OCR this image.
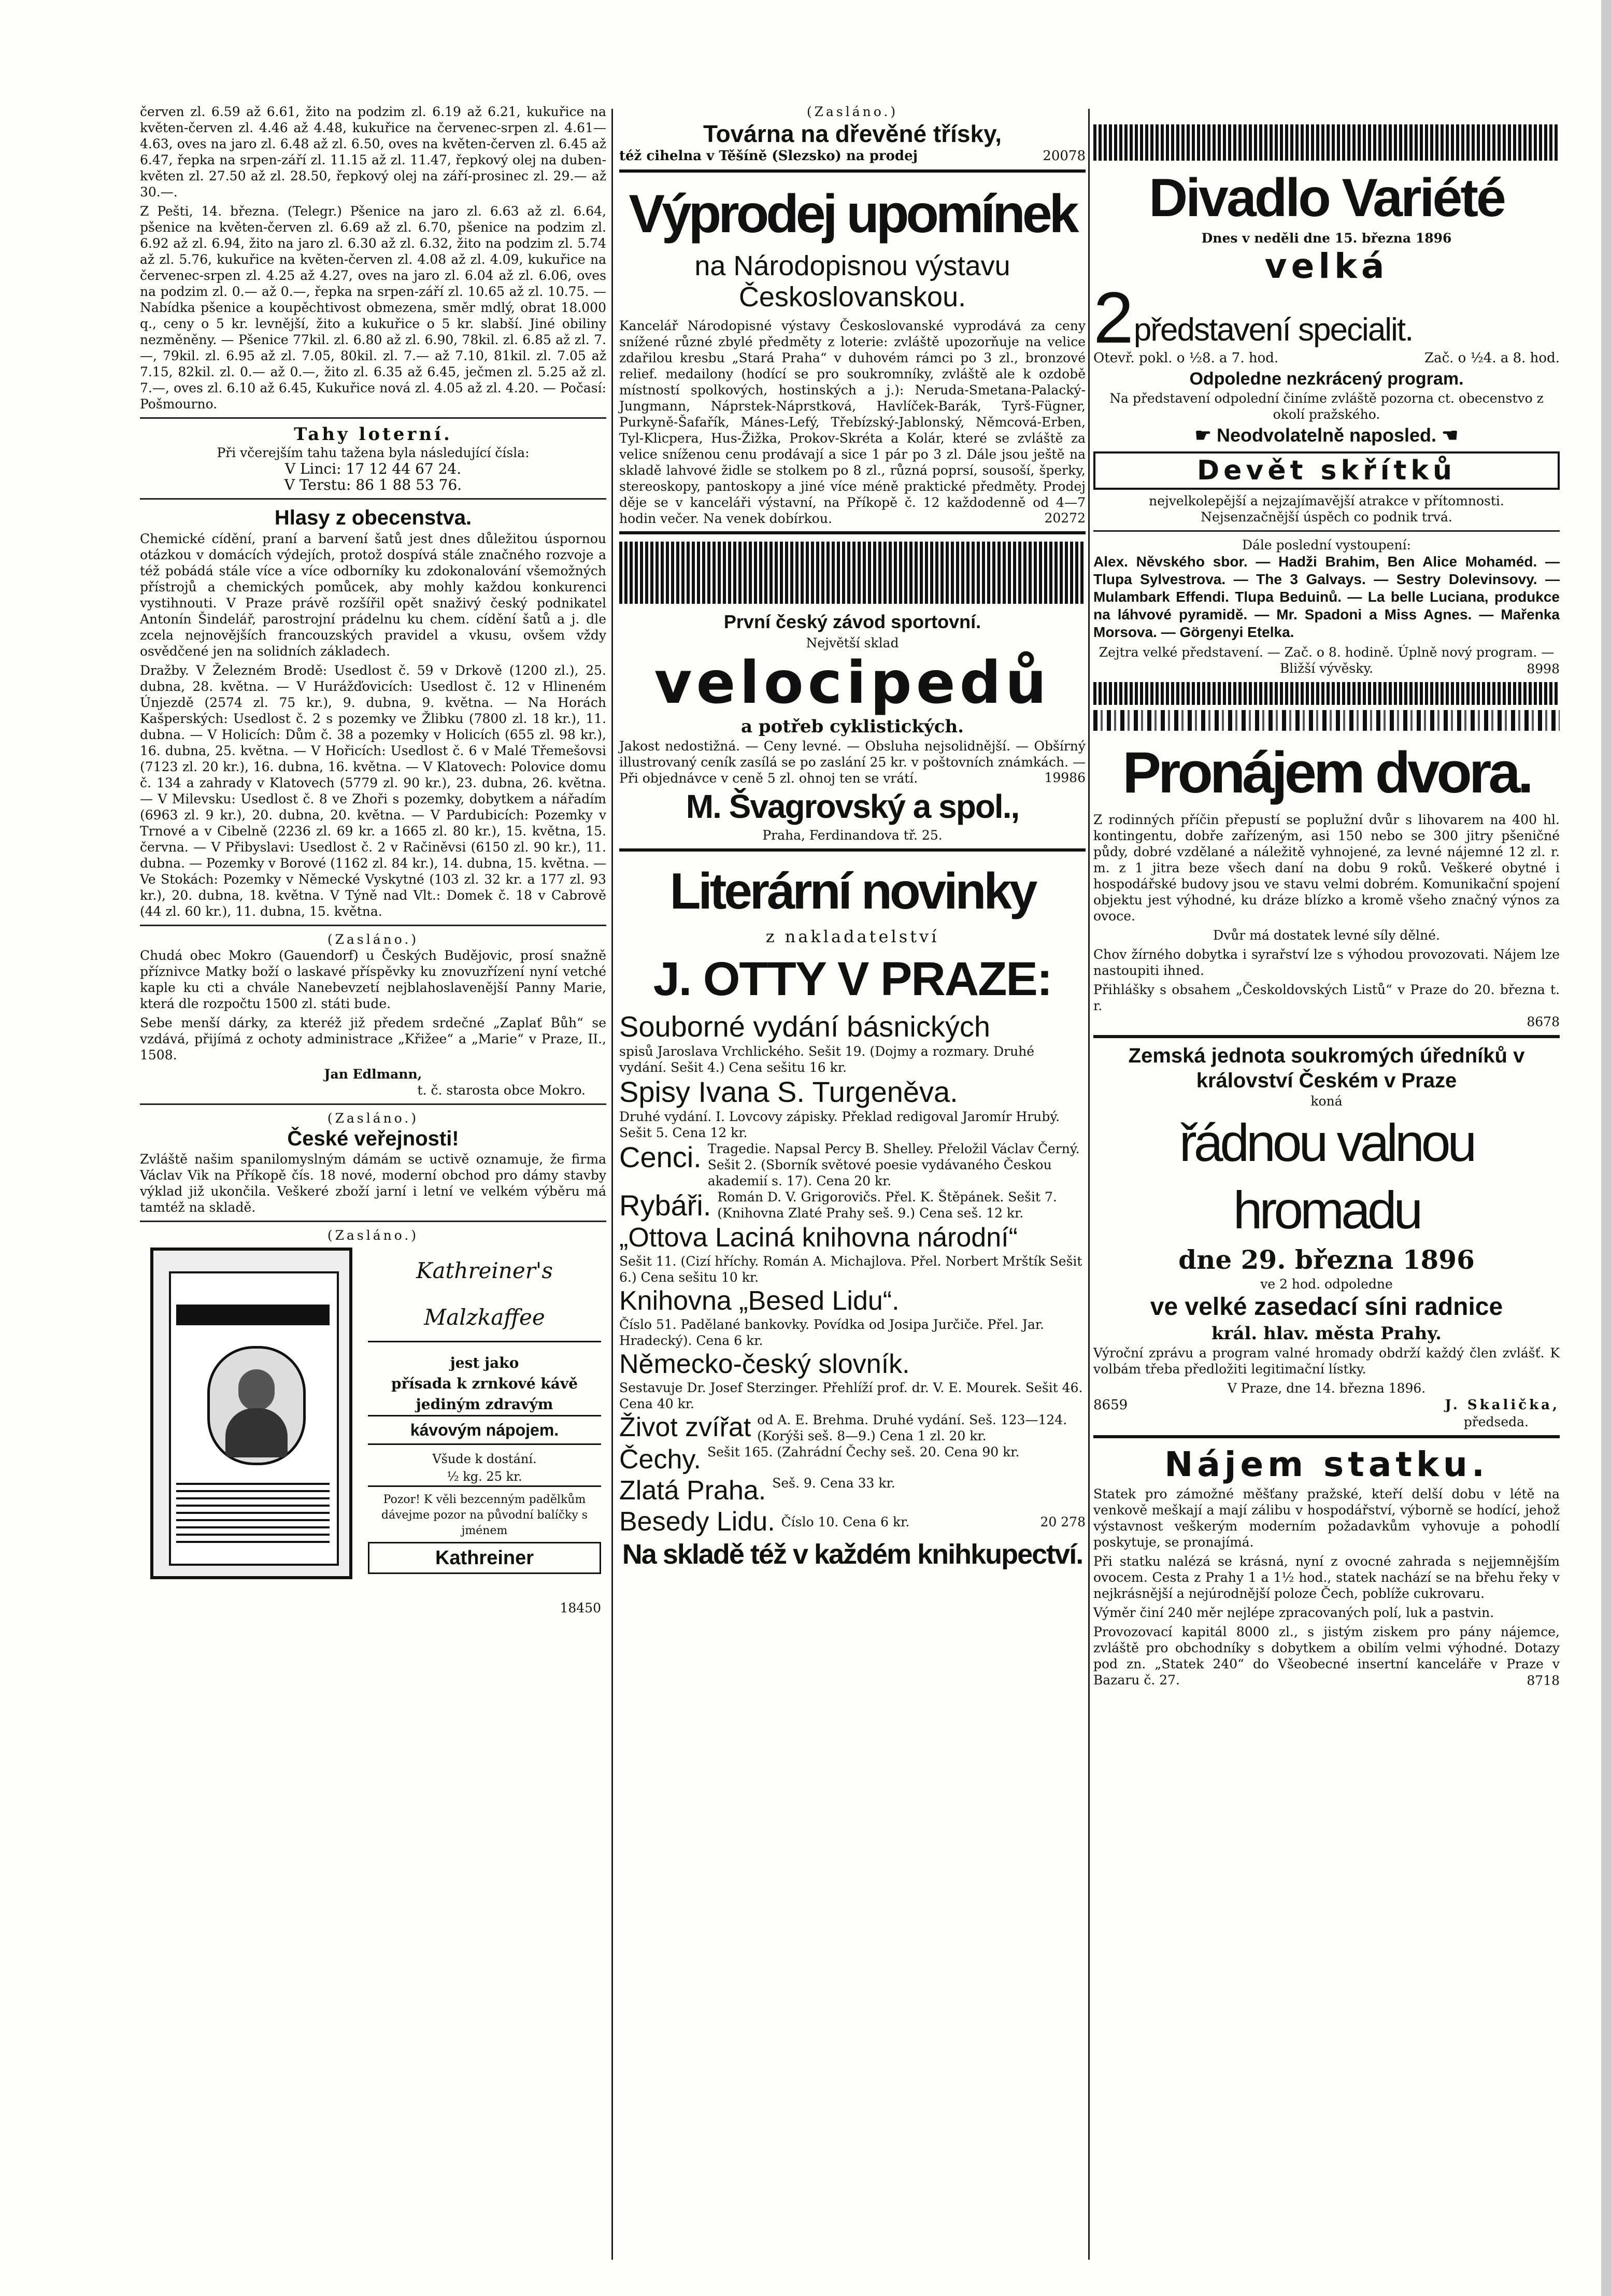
červen zl. 6.59 až 6.61, žito na podzim zl. 6.19 až 6.21, kukuřice na květen-červen zl. 4.46 až 4.48, kukuřice na červenec-srpen zl. 4.61—4.63, oves na jaro zl. 6.48 až zl. 6.50, oves na květen-červen zl. 6.45 až 6.47, řepka na srpen-září zl. 11.15 až zl. 11.47, řepkový olej na duben-květen zl. 27.50 až zl. 28.50, řepkový olej na září-prosinec zl. 29.— až 30.—.

Z Pešti, 14. března. (Telegr.) Pšenice na jaro zl. 6.63 až zl. 6.64, pšenice na květen-červen zl. 6.69 až zl. 6.70, pšenice na podzim zl. 6.92 až zl. 6.94, žito na jaro zl. 6.30 až zl. 6.32, žito na podzim zl. 5.74 až zl. 5.76, kukuřice na květen-červen zl. 4.08 až zl. 4.09, kukuřice na červenec-srpen zl. 4.25 až 4.27, oves na jaro zl. 6.04 až zl. 6.06, oves na podzim zl. 0.— až 0.—, řepka na srpen-září zl. 10.65 až zl. 10.75. — Nabídka pšenice a koupěchtivost obmezena, směr mdlý, obrat 18.000 q., ceny o 5 kr. levnější, žito a kukuřice o 5 kr. slabší. Jiné obiliny nezměněny. — Pšenice 77kil. zl. 6.80 až zl. 6.90, 78kil. zl. 6.85 až zl. 7.—, 79kil. zl. 6.95 až zl. 7.05, 80kil. zl. 7.— až 7.10, 81kil. zl. 7.05 až 7.15, 82kil. zl. 0.— až 0.—, žito zl. 6.35 až 6.45, ječmen zl. 5.25 až zl. 7.—, oves zl. 6.10 až 6.45, Kukuřice nová zl. 4.05 až zl. 4.20. — Počasí: Pošmourno.

Tahy loterní.
Při včerejším tahu tažena byla následující čísla:
V Linci: 17 12 44 67 24.
V Terstu: 86 1 88 53 76.
Hlasy z obecenstva.

Chemické cídění, praní a barvení šatů jest dnes důležitou úspornou otázkou v domácích výdejích, protož dospívá stále značného rozvoje a též pobádá stále více a více odborníky ku zdokonalování všemožných přístrojů a chemických pomůcek, aby mohly každou konkurenci vystihnouti. V Praze právě rozšířil opět snaživý český podnikatel Antonín Šindelář, parostrojní prádelnu ku chem. cídění šatů a j. dle zcela nejnovějších francouzských pravidel a vkusu, ovšem vždy osvědčené jen na solidních základech.

Dražby. V Železném Brodě: Usedlost č. 59 v Drkově (1200 zl.), 25. dubna, 28. května. — V Hurážďovicích: Usedlost č. 12 v Hlineném Únjezdě (2574 zl. 75 kr.), 9. dubna, 9. května. — Na Horách Kašperských: Usedlost č. 2 s pozemky ve Žlibku (7800 zl. 18 kr.), 11. dubna. — V Holicích: Dům č. 38 a pozemky v Holicích (655 zl. 98 kr.), 16. dubna, 25. května. — V Hořicích: Usedlost č. 6 v Malé Třemešovsi (7123 zl. 20 kr.), 16. dubna, 16. května. — V Klatovech: Polovice domu č. 134 a zahrady v Klatovech (5779 zl. 90 kr.), 23. dubna, 26. května. — V Milevsku: Usedlost č. 8 ve Zhoři s pozemky, dobytkem a nářadím (6963 zl. 9 kr.), 20. dubna, 20. května. — V Pardubicích: Pozemky v Trnové a v Cibelně (2236 zl. 69 kr. a 1665 zl. 80 kr.), 15. května, 15. června. — V Přibyslavi: Usedlost č. 2 v Račiněvsi (6150 zl. 90 kr.), 11. dubna. — Pozemky v Borové (1162 zl. 84 kr.), 14. dubna, 15. května. — Ve Stokách: Pozemky v Německé Vyskytné (103 zl. 32 kr. a 177 zl. 93 kr.), 20. dubna, 18. května. V Týně nad Vlt.: Domek č. 18 v Cabrově (44 zl. 60 kr.), 11. dubna, 15. května.

(Zasláno.)

Chudá obec Mokro (Gauendorf) u Českých Budějovic, prosí snažně příznivce Matky boží o laskavé příspěvky ku znovuzřízení nyní vetché kaple ku cti a chvále Nanebevzetí nejblahoslavenější Panny Marie, která dle rozpočtu 1500 zl. státi bude.

Sebe menší dárky, za kteréž již předem srdečné „Zaplať Bůh“ se vzdává, přijímá z ochoty administrace „Křižee“ a „Marie“ v Praze, II., 1508.

Jan Edlmann,
t. č. starosta obce Mokro.
(Zasláno.)
České veřejnosti!

Zvláště našim spanilomyslným dámám se uctivě oznamuje, že firma Václav Vik na Příkopě čís. 18 nové, moderní obchod pro dámy stavby výklad již ukončila. Veškeré zboží jarní i letní ve velkém výběru má tamtéž na skladě.

(Zasláno.)
Kathreiner's Malzkaffee
jest jako
přísada k zrnkové kávě
jediným zdravým
kávovým nápojem.
Všude k dostání.
½ kg. 25 kr.
Pozor! K věli bezcenným padělkům dávejme pozor na původní balíčky s jménem
Kathreiner
18450
(Zasláno.)
Továrna na dřevěné třísky,
též cihelna v Těšíně (Slezsko) na prodej	20078
Výprodej upomínek
na Národopisnou výstavu
Českoslovanskou.

Kancelář Národopisné výstavy Českoslovanské vyprodává za ceny snížené různé zbylé předměty z loterie: zvláště upozorňuje na velice zdařilou kresbu „Stará Praha“ v duhovém rámci po 3 zl., bronzové relief. medailony (hodící se pro soukromníky, zvláště ale k ozdobě místností spolkových, hostinských a j.): Neruda-Smetana-Palacký-Jungmann, Náprstek-Náprstková, Havlíček-Barák, Tyrš-Fügner, Purkyně-Šafařík, Mánes-Lefý, Třebízský-Jablonský, Němcová-Erben, Tyl-Klicpera, Hus-Žižka, Prokov-Skréta a Kolár, které se zvláště za velice sníženou cenu prodávají a sice 1 pár po 3 zl. Dále jsou ještě na skladě lahvové židle se stolkem po 8 zl., různá poprsí, sousoší, šperky, stereoskopy, pantoskopy a jiné více méně praktické předměty. Prodej děje se v kanceláři výstavní, na Příkopě č. 12 každodenně od 4—7 hodin večer. Na venek dobírkou.	20272
První český závod sportovní.
Největší sklad
velocipedů
a potřeb cyklistických.

Jakost nedostižná. — Ceny levné. — Obsluha nejsolidnější. — Obšírný illustrovaný ceník zasílá se po zaslání 25 kr. v poštovních známkách. — Při objednávce v ceně 5 zl. ohnoj ten se vrátí.	19986
M. Švagrovský a spol.,
Praha, Ferdinandova tř. 25.
Literární novinky
z nakladatelství
J. OTTY V PRAZE:
Souborné vydání básnických
spisů Jaroslava Vrchlického. Sešit 19. (Dojmy a rozmary. Druhé vydání. Sešit 4.) Cena sešitu 16 kr.
Spisy Ivana S. Turgeněva.
Druhé vydání. I. Lovcovy zápisky. Překlad redigoval Jaromír Hrubý. Sešit 5. Cena 12 kr.
Cenci. Tragedie. Napsal Percy B. Shelley. Přeložil Václav Černý. Sešit 2. (Sborník světové poesie vydávaného Českou akademií s. 17). Cena 20 kr.
Rybáři. Román D. V. Grigorovičs. Přel. K. Štěpánek. Sešit 7. (Knihovna Zlaté Prahy seš. 9.) Cena seš. 12 kr.
„Ottova Laciná knihovna národní“
Sešit 11. (Cizí hříchy. Román A. Michajlova. Přel. Norbert Mrštík Sešit 6.) Cena sešitu 10 kr.
Knihovna „Besed Lidu“.
Číslo 51. Padělané bankovky. Povídka od Josipa Jurčiče. Přel. Jar. Hradecký). Cena 6 kr.
Německo-český slovník.
Sestavuje Dr. Josef Sterzinger. Přehlíží prof. dr. V. E. Mourek. Sešit 46. Cena 40 kr.
Život zvířat od A. E. Brehma. Druhé vydání. Seš. 123—124. (Korýši seš. 8—9.) Cena 1 zl. 20 kr.
Čechy. Sešit 165. (Zahrádní Čechy seš. 20. Cena 90 kr.
Zlatá Praha. Seš. 9. Cena 33 kr.
Besedy Lidu. Číslo 10. Cena 6 kr.	20 278
Na skladě též v každém knihkupectví.
Divadlo Variété
Dnes v neděli dne 15. března 1896
velká
2 představení specialit.
Otevř. pokl. o ½8. a 7. hod.	Zač. o ½4. a 8. hod.
Odpoledne nezkrácený program.
Na představení odpolední činíme zvláště pozorna ct. obecenstvo z okolí pražského.
☛ Neodvolatelně naposled. ☚
Devět skřítků
nejvelkolepější a nejzajímavější atrakce v přítomnosti.
Nejsenzačnější úspěch co podnik trvá.
Dále poslední vystoupení:

Alex. Něvského sbor. — Hadži Brahim, Ben Alice Mohaméd. — Tlupa Sylvestrova. — The 3 Galvays. — Sestry Dolevinsovy. — Mulambark Effendi. Tlupa Beduinů. — La belle Luciana, produkce na láhvové pyramidě. — Mr. Spadoni a Miss Agnes. — Mařenka Morsova. — Görgenyi Etelka.

Zejtra velké představení. — Zač. o 8. hodině. Úplně nový program. — Bližší vývěsky.	8998
Pronájem dvora.

Z rodinných příčin přepustí se poplužní dvůr s lihovarem na 400 hl. kontingentu, dobře zařízeným, asi 150 nebo se 300 jitry pšeničné půdy, dobré vzdělané a náležitě vyhnojené, za levné nájemné 12 zl. r. m. z 1 jitra beze všech daní na dobu 9 roků. Veškeré obytné i hospodářské budovy jsou ve stavu velmi dobrém. Komunikační spojení objektu jest výhodné, ku dráze blízko a kromě všeho značný výnos za ovoce.

Dvůr má dostatek levné síly dělné.

Chov žírného dobytka i syrařství lze s výhodou provozovati. Nájem lze nastoupiti ihned.

Přihlášky s obsahem „Českoldovských Listů“ v Praze do 20. března t. r.

8678
Zemská jednota soukromých úředníků v království Českém v Praze
koná
řádnou valnou hromadu
dne 29. března 1896
ve 2 hod. odpoledne
ve velké zasedací síni radnice
král. hlav. města Prahy.

Výroční zprávu a program valné hromady obdrží každý člen zvlášť. K volbám třeba předložiti legitimační lístky.

V Praze, dne 14. března 1896.
8659	J. Skalička,
předseda.
Nájem statku.

Statek pro zámožné měšťany pražské, kteří delší dobu v létě na venkově meškají a mají zálibu v hospodářství, výborně se hodící, jehož výstavnost veškerým moderním požadavkům vyhovuje a pohodlí poskytuje, se pronajímá.

Při statku nalézá se krásná, nyní z ovocné zahrada s nejjemnějším ovocem. Cesta z Prahy 1 a 1½ hod., statek nachází se na břehu řeky v nejkrásnější a nejúrodnější poloze Čech, poblíže cukrovaru.

Výměr činí 240 měr nejlépe zpracovaných polí, luk a pastvin.

Provozovací kapitál 8000 zl., s jistým ziskem pro pány nájemce, zvláště pro obchodníky s dobytkem a obilím velmi výhodné. Dotazy pod zn. „Statek 240“ do Všeobecné insertní kanceláře v Praze v Bazaru č. 27.	8718
